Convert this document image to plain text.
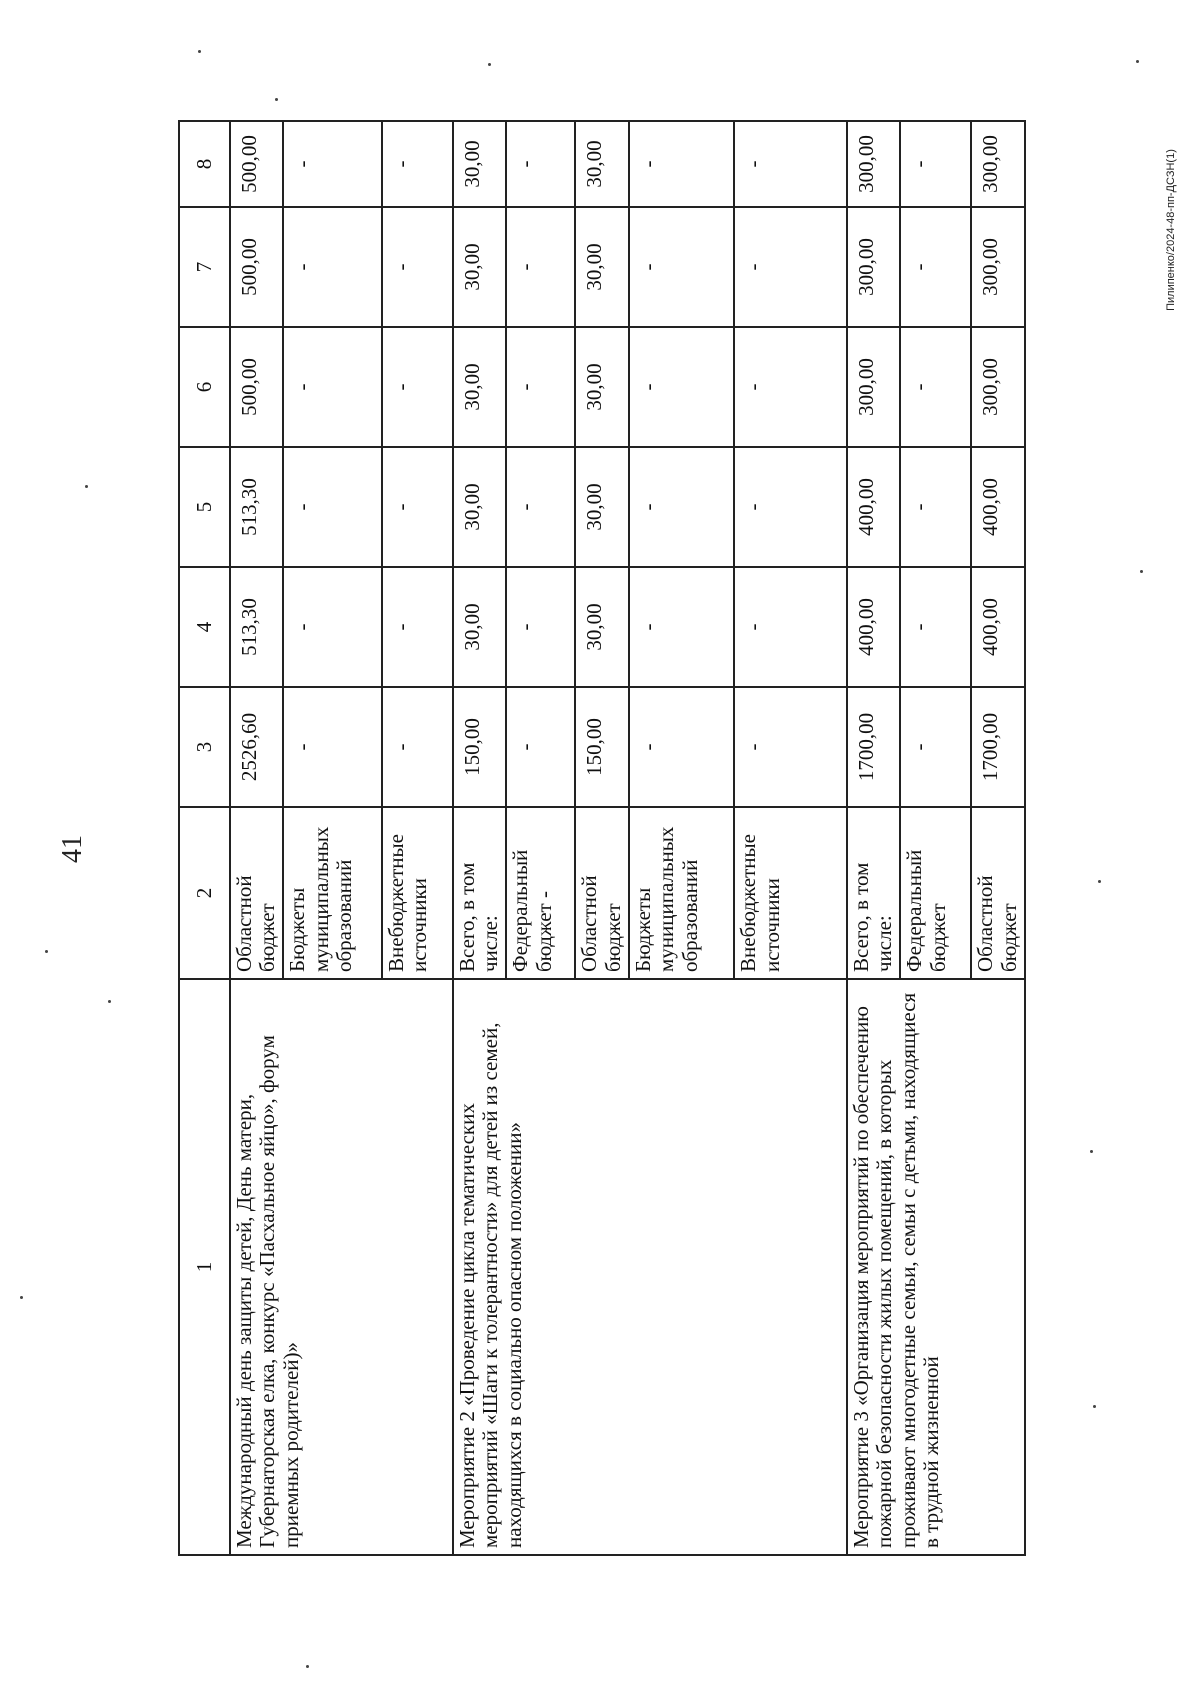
41
Пилипенко/2024-48-пп-ДСЗН(1)
1	2	3	4	5	6	7	8
Международный день защиты детей, День матери, Губернаторская елка, конкурс «Пасхальное яйцо», форум приемных родителей)»	Областной бюджет	2526,60	513,30	513,30	500,00	500,00	500,00
	Бюджеты муниципальных образований	-	-	-	-	-	-
	Внебюджетные источники	-	-	-	-	-	-
Мероприятие 2 «Проведение цикла тематических мероприятий «Шаги к толерантности» для детей из семей, находящихся в социально опасном положении»	Всего, в том числе:	150,00	30,00	30,00	30,00	30,00	30,00
	Федеральный бюджет -	-	-	-	-	-	-
	Областной бюджет	150,00	30,00	30,00	30,00	30,00	30,00
	Бюджеты муниципальных образований	-	-	-	-	-	-
	Внебюджетные источники	-	-	-	-	-	-
Мероприятие 3 «Организация мероприятий по обеспечению пожарной безопасности жилых помещений, в которых проживают многодетные семьи, семьи с детьми, находящиеся в трудной жизненной	Всего, в том числе:	1700,00	400,00	400,00	300,00	300,00	300,00
	Федеральный бюджет	-	-	-	-	-	-
	Областной бюджет	1700,00	400,00	400,00	300,00	300,00	300,00
